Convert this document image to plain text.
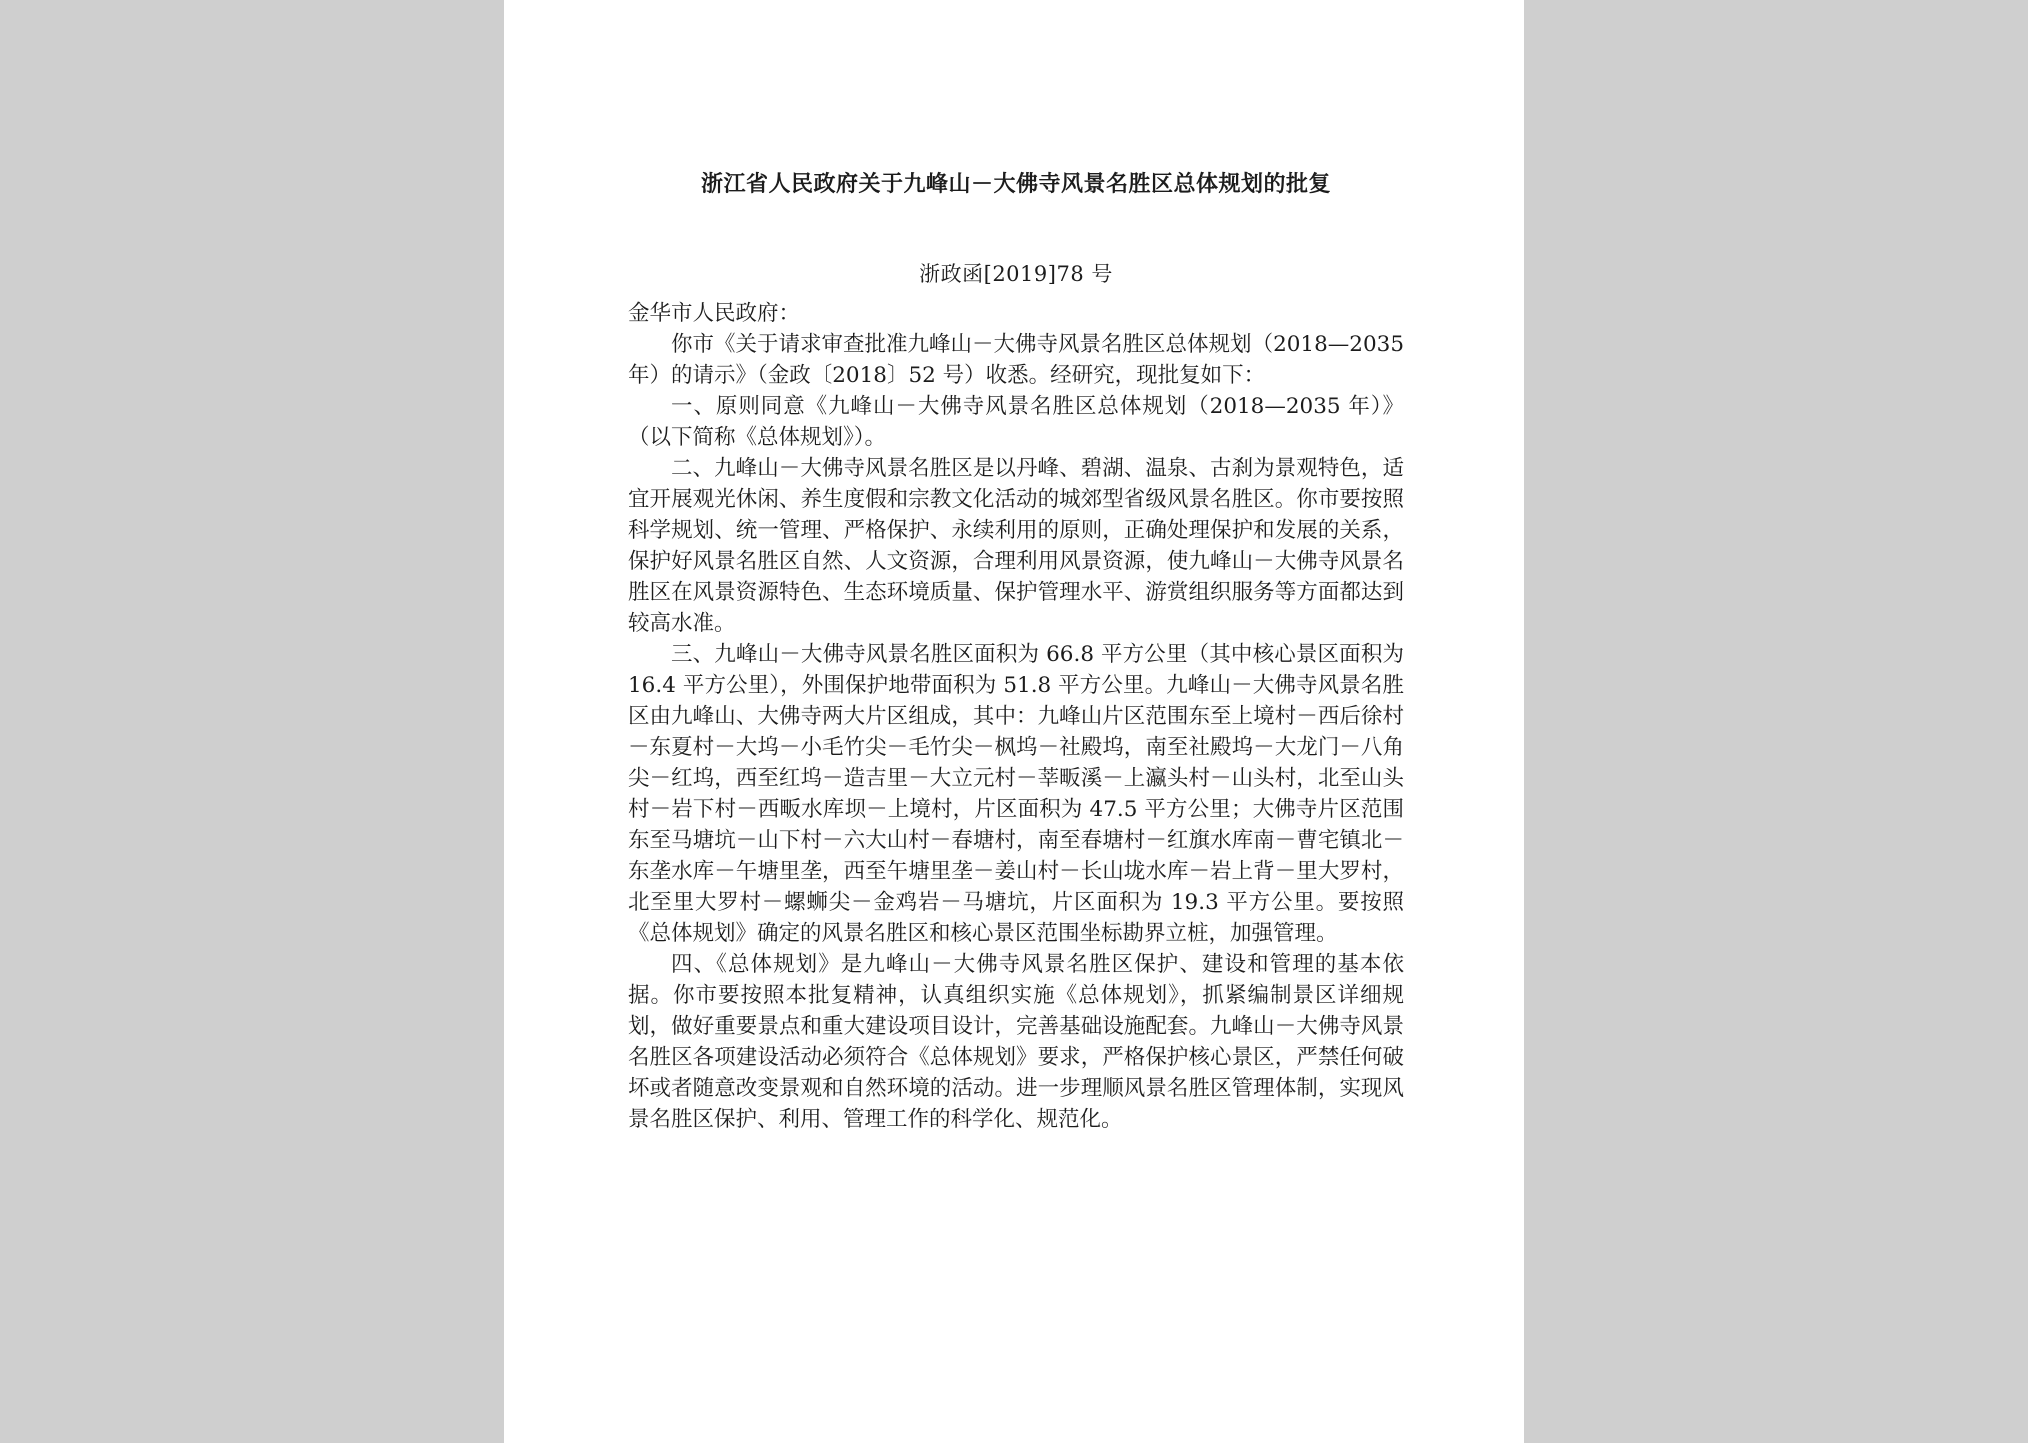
浙江省人民政府关于九峰山－大佛寺风景名胜区总体规划的批复
浙政函[2019]78 号

金华市人民政府：

你市《关于请求审查批准九峰山－大佛寺风景名胜区总体规划（2018—2035 年）的请示》（金政〔2018〕52 号）收悉。经研究，现批复如下：

一、原则同意《九峰山－大佛寺风景名胜区总体规划（2018—2035 年）》（以下简称《总体规划》）。

二、九峰山－大佛寺风景名胜区是以丹峰、碧湖、温泉、古刹为景观特色，适宜开展观光休闲、养生度假和宗教文化活动的城郊型省级风景名胜区。你市要按照科学规划、统一管理、严格保护、永续利用的原则，正确处理保护和发展的关系，保护好风景名胜区自然、人文资源，合理利用风景资源，使九峰山－大佛寺风景名胜区在风景资源特色、生态环境质量、保护管理水平、游赏组织服务等方面都达到较高水准。

三、九峰山－大佛寺风景名胜区面积为 66.8 平方公里（其中核心景区面积为 16.4 平方公里），外围保护地带面积为 51.8 平方公里。九峰山－大佛寺风景名胜区由九峰山、大佛寺两大片区组成，其中：九峰山片区范围东至上境村－西后徐村－东夏村－大坞－小毛竹尖－毛竹尖－枫坞－社殿坞，南至社殿坞－大龙门－八角尖－红坞，西至红坞－造吉里－大立元村－莘畈溪－上瀛头村－山头村，北至山头村－岩下村－西畈水库坝－上境村，片区面积为 47.5 平方公里；大佛寺片区范围东至马塘坑－山下村－六大山村－春塘村，南至春塘村－红旗水库南－曹宅镇北－东垄水库－午塘里垄，西至午塘里垄－姜山村－长山垅水库－岩上背－里大罗村，北至里大罗村－螺蛳尖－金鸡岩－马塘坑，片区面积为 19.3 平方公里。要按照《总体规划》确定的风景名胜区和核心景区范围坐标勘界立桩，加强管理。

四、《总体规划》是九峰山－大佛寺风景名胜区保护、建设和管理的基本依据。你市要按照本批复精神，认真组织实施《总体规划》，抓紧编制景区详细规划，做好重要景点和重大建设项目设计，完善基础设施配套。九峰山－大佛寺风景名胜区各项建设活动必须符合《总体规划》要求，严格保护核心景区，严禁任何破坏或者随意改变景观和自然环境的活动。进一步理顺风景名胜区管理体制，实现风景名胜区保护、利用、管理工作的科学化、规范化。
